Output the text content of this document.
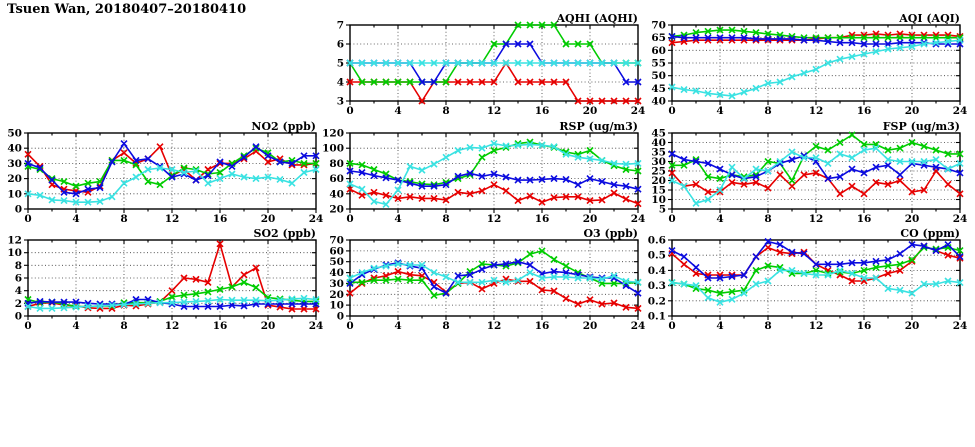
Tsuen Wan, 20180407–20180410
0	4	8	12	16	20	24
3
4
5
6
7
AQHI (AQHI)
0	4	8	12	16	20	24
40
45
50
55
60
65
70
AQI (AQI)
0	4	8	12	16	20	24
0
10
20
30
40
50
NO2 (ppb)
0	4	8	12	16	20	24
20
40
60
80
100
120
RSP (ug/m3)
0	4	8	12	16	20	24
5
10
15
20
25
30
35
40
45
FSP (ug/m3)
0	4	8	12	16	20	24
0
2
4
6
8
10
12
SO2 (ppb)
0	4	8	12	16	20	24
0
10
20
30
40
50
60
70
O3 (ppb)
0	4	8	12	16	20	24
0.1
0.2
0.3
0.4
0.5
0.6
CO (ppm)
